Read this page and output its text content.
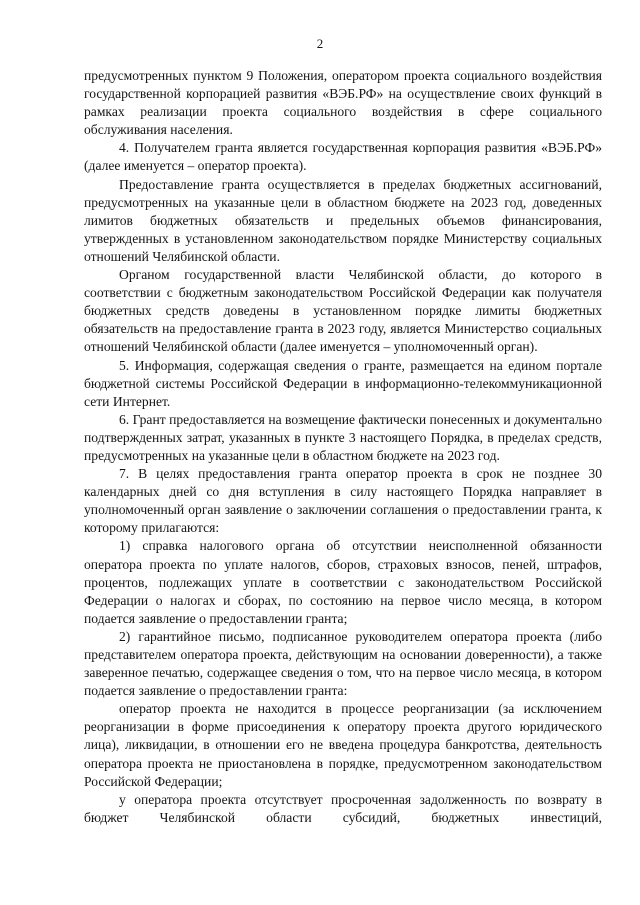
2

предусмотренных пунктом 9 Положения, оператором проекта социального воздействия государственной корпорацией развития «ВЭБ.РФ» на осуществление своих функций в рамках реализации проекта социального воздействия в сфере социального обслуживания населения.

4. Получателем гранта является государственная корпорация развития «ВЭБ.РФ» (далее именуется – оператор проекта).

Предоставление гранта осуществляется в пределах бюджетных ассигнований, предусмотренных на указанные цели в областном бюджете на 2023 год, доведенных лимитов бюджетных обязательств и предельных объемов финансирования, утвержденных в установленном законодательством порядке Министерству социальных отношений Челябинской области.

Органом государственной власти Челябинской области, до которого в соответствии с бюджетным законодательством Российской Федерации как получателя бюджетных средств доведены в установленном порядке лимиты бюджетных обязательств на предоставление гранта в 2023 году, является Министерство социальных отношений Челябинской области (далее именуется – уполномоченный орган).

5. Информация, содержащая сведения о гранте, размещается на едином портале бюджетной системы Российской Федерации в информационно-телекоммуникационной сети Интернет.

6. Грант предоставляется на возмещение фактически понесенных и документально подтвержденных затрат, указанных в пункте 3 настоящего Порядка, в пределах средств, предусмотренных на указанные цели в областном бюджете на 2023 год.

7. В целях предоставления гранта оператор проекта в срок не позднее 30 календарных дней со дня вступления в силу настоящего Порядка направляет в уполномоченный орган заявление о заключении соглашения о предоставлении гранта, к которому прилагаются:

1) справка налогового органа об отсутствии неисполненной обязанности оператора проекта по уплате налогов, сборов, страховых взносов, пеней, штрафов, процентов, подлежащих уплате в соответствии с законодательством Российской Федерации о налогах и сборах, по состоянию на первое число месяца, в котором подается заявление о предоставлении гранта;

2) гарантийное письмо, подписанное руководителем оператора проекта (либо представителем оператора проекта, действующим на основании доверенности), а также заверенное печатью, содержащее сведения о том, что на первое число месяца, в котором подается заявление о предоставлении гранта:

оператор проекта не находится в процессе реорганизации (за исключением реорганизации в форме присоединения к оператору проекта другого юридического лица), ликвидации, в отношении его не введена процедура банкротства, деятельность оператора проекта не приостановлена в порядке, предусмотренном законодательством Российской Федерации;

у оператора проекта отсутствует просроченная задолженность по возврату в бюджет Челябинской области субсидий, бюджетных инвестиций,
